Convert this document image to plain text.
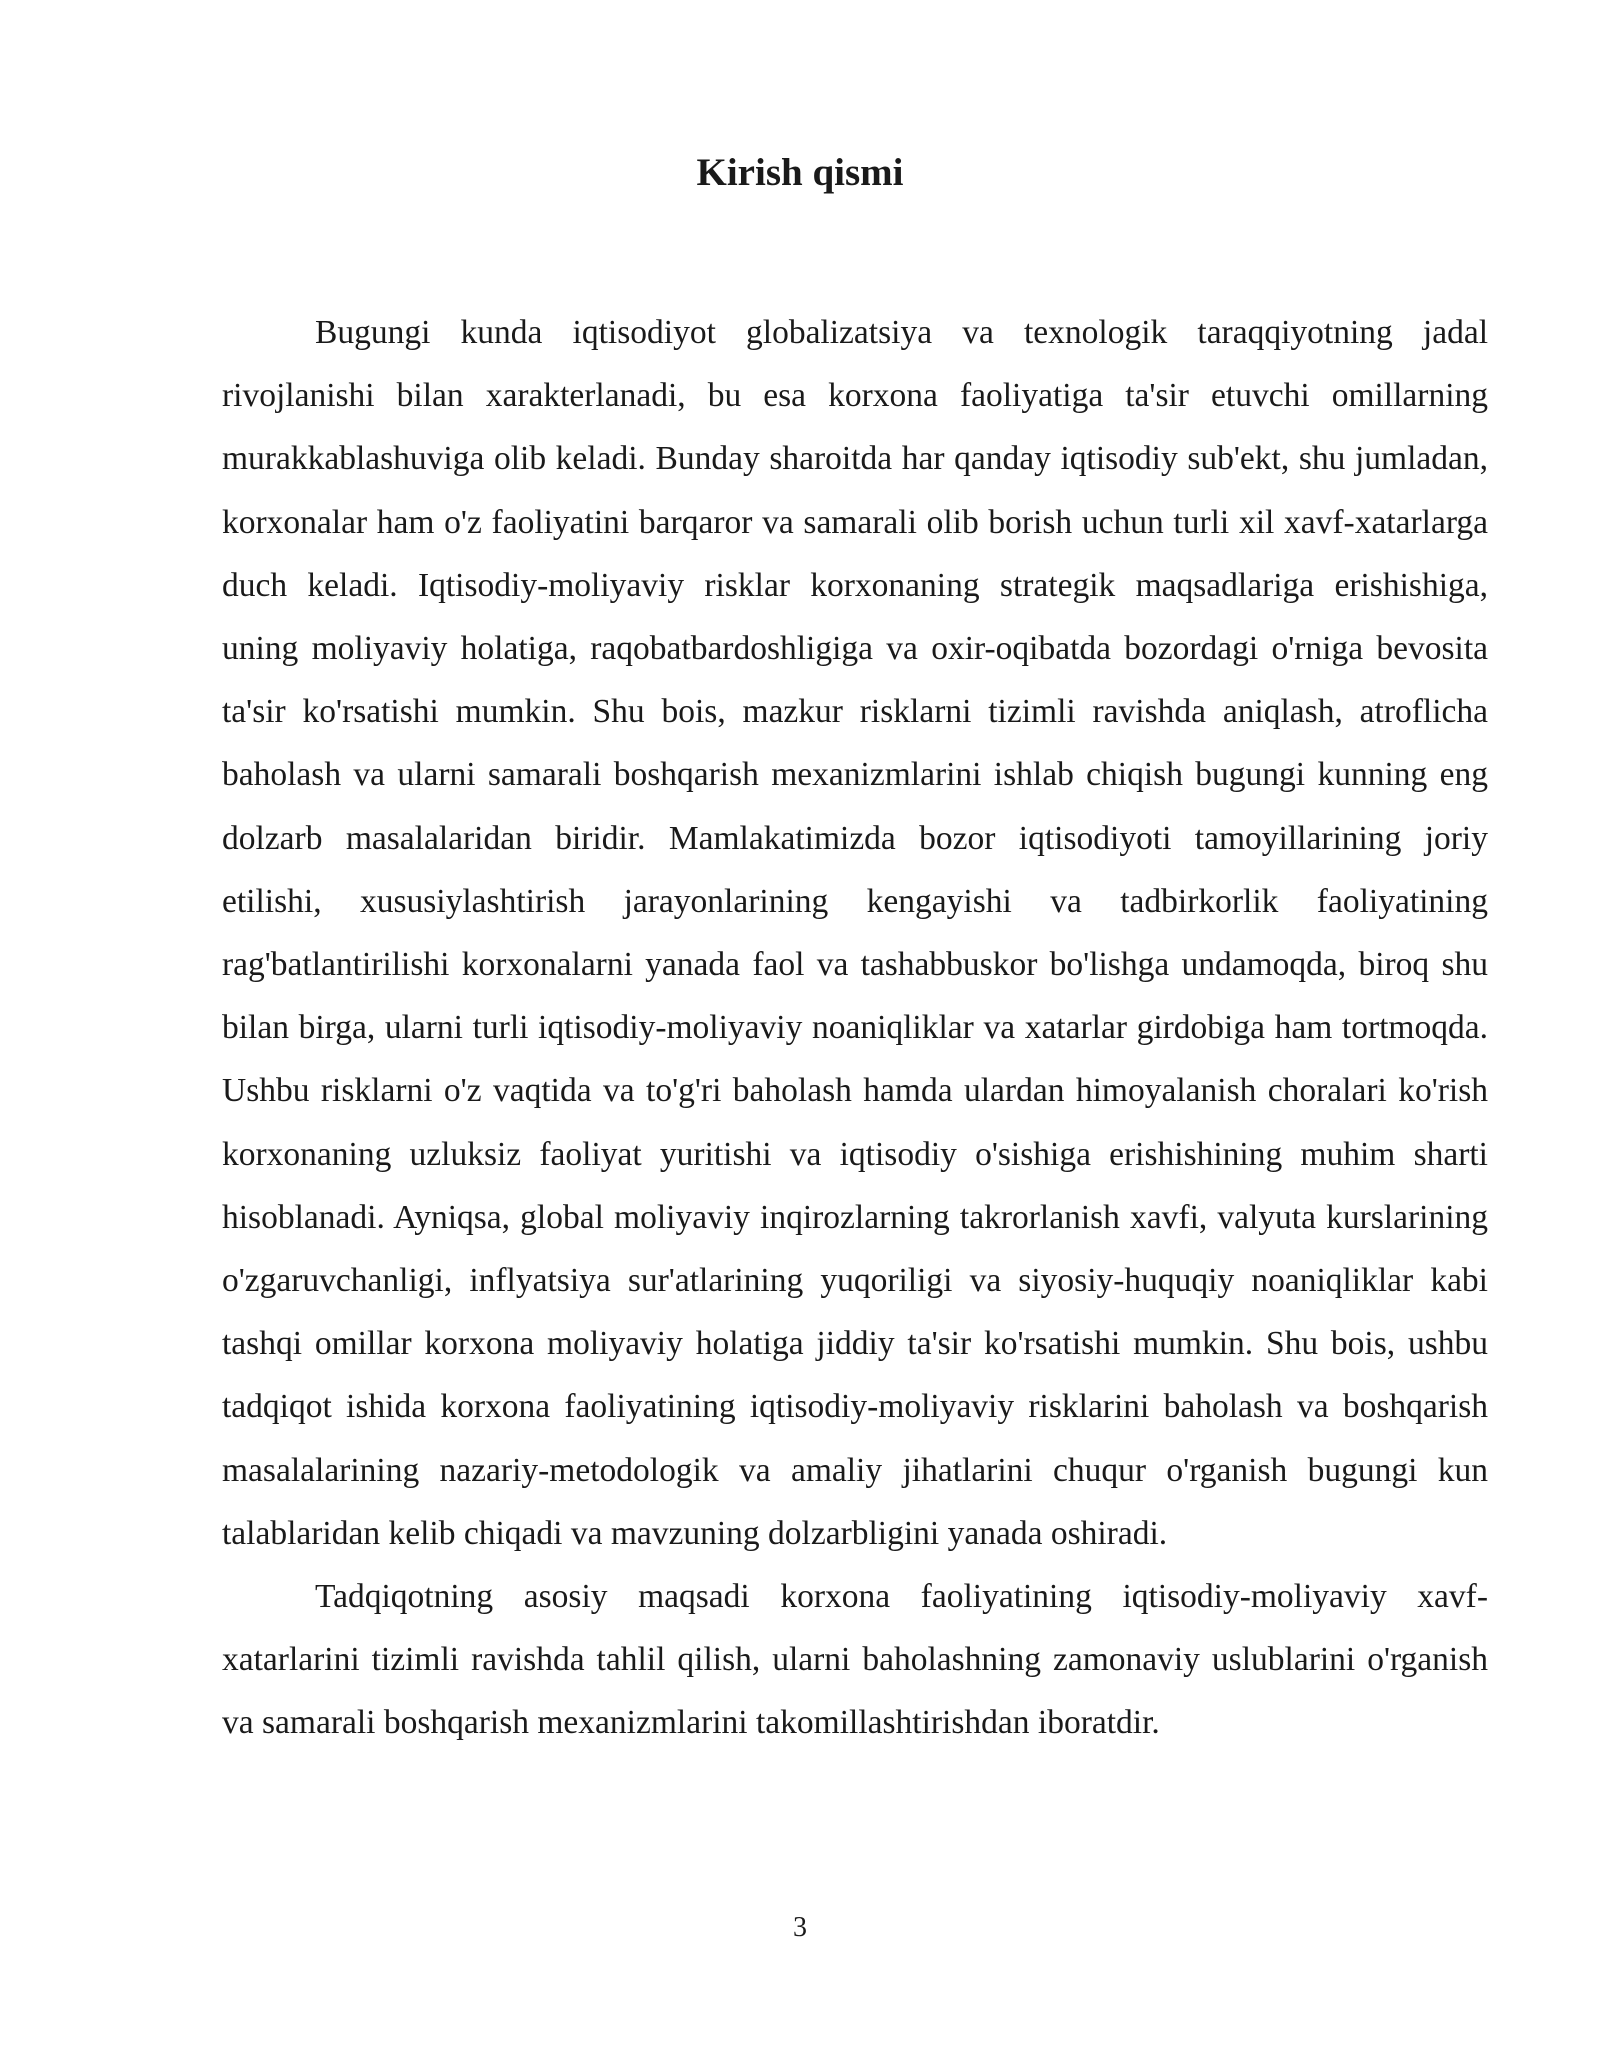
Kirish qismi

Bugungi kunda iqtisodiyot globalizatsiya va texnologik taraqqiyotning jadal rivojlanishi bilan xarakterlanadi, bu esa korxona faoliyatiga ta'sir etuvchi omillarning murakkablashuviga olib keladi. Bunday sharoitda har qanday iqtisodiy sub'ekt, shu jumladan, korxonalar ham o'z faoliyatini barqaror va samarali olib borish uchun turli xil xavf-xatarlarga duch keladi. Iqtisodiy-moliyaviy risklar korxonaning strategik maqsadlariga erishishiga, uning moliyaviy holatiga, raqobatbardoshligiga va oxir-oqibatda bozordagi o'rniga bevosita ta'sir ko'rsatishi mumkin. Shu bois, mazkur risklarni tizimli ravishda aniqlash, atroflicha baholash va ularni samarali boshqarish mexanizmlarini ishlab chiqish bugungi kunning eng dolzarb masalalaridan biridir. Mamlakatimizda bozor iqtisodiyoti tamoyillarining joriy etilishi, xususiylashtirish jarayonlarining kengayishi va tadbirkorlik faoliyatining rag'batlantirilishi korxonalarni yanada faol va tashabbuskor bo'lishga undamoqda, biroq shu bilan birga, ularni turli iqtisodiy-moliyaviy noaniqliklar va xatarlar girdobiga ham tortmoqda. Ushbu risklarni o'z vaqtida va to'g'ri baholash hamda ulardan himoyalanish choralari ko'rish korxonaning uzluksiz faoliyat yuritishi va iqtisodiy o'sishiga erishishining muhim sharti hisoblanadi. Ayniqsa, global moliyaviy inqirozlarning takrorlanish xavfi, valyuta kurslarining o'zgaruvchanligi, inflyatsiya sur'atlarining yuqoriligi va siyosiy-huquqiy noaniqliklar kabi tashqi omillar korxona moliyaviy holatiga jiddiy ta'sir ko'rsatishi mumkin. Shu bois, ushbu tadqiqot ishida korxona faoliyatining iqtisodiy-moliyaviy risklarini baholash va boshqarish masalalarining nazariy-metodologik va amaliy jihatlarini chuqur o'rganish bugungi kun talablaridan kelib chiqadi va mavzuning dolzarbligini yanada oshiradi.

Tadqiqotning asosiy maqsadi korxona faoliyatining iqtisodiy-moliyaviy xavf-xatarlarini tizimli ravishda tahlil qilish, ularni baholashning zamonaviy uslublarini o'rganish va samarali boshqarish mexanizmlarini takomillashtirishdan iboratdir.

3
